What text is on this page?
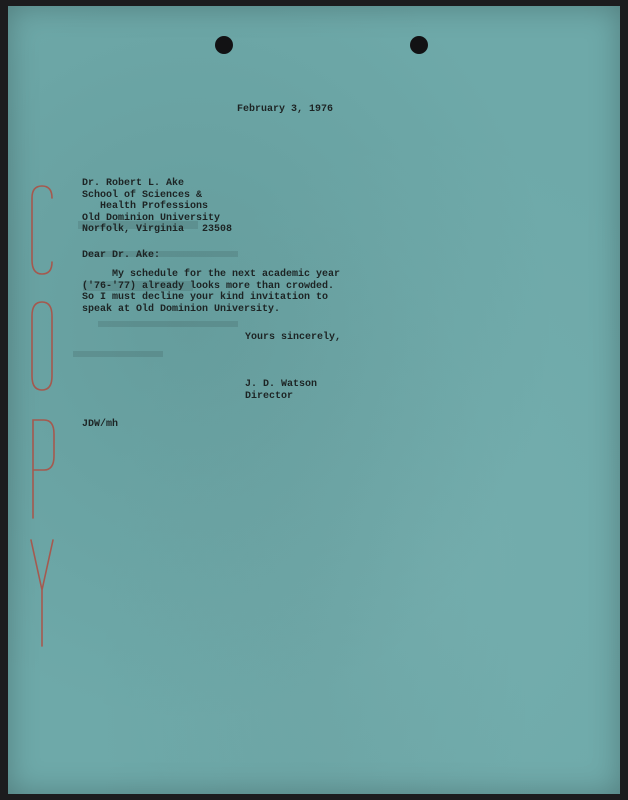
February 3, 1976
Dr. Robert L. Ake
School of Sciences &
Health Professions
Old Dominion University
Norfolk, Virginia   23508
Dear Dr. Ake:
My schedule for the next academic year
('76-'77) already looks more than crowded.
So I must decline your kind invitation to
speak at Old Dominion University.
Yours sincerely,
J. D. Watson
Director
JDW/mh
